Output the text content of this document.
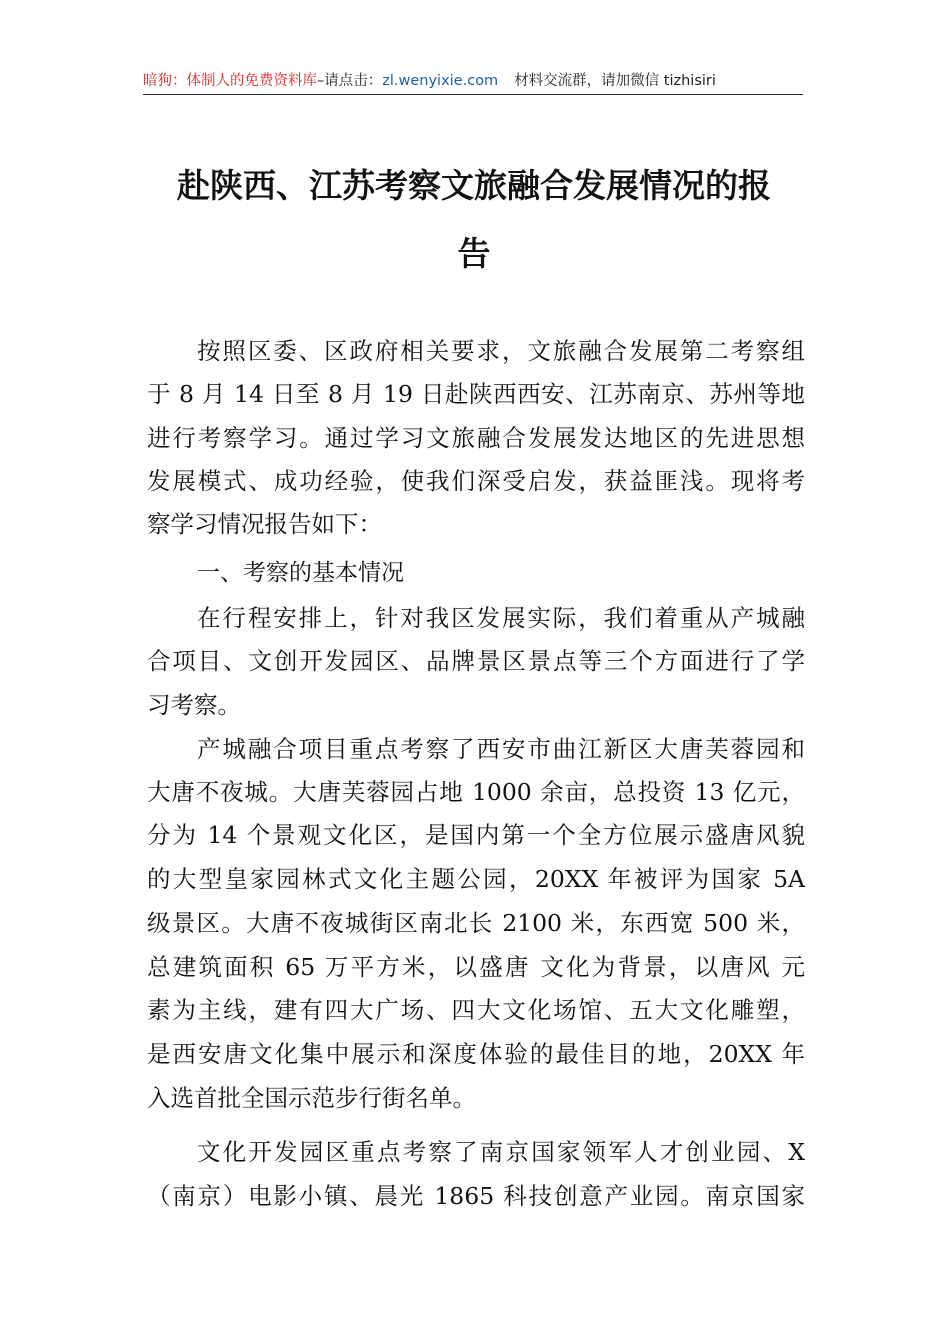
暗狗：体制人的免费资料库–请点击：zl.wenyixie.com 材料交流群，请加微信 tizhisiri
赴陕西、江苏考察文旅融合发展情况的报
告
按照区委、区政府相关要求，文旅融合发展第二考察组
于 8 月 14 日至 8 月 19 日赴陕西西安、江苏南京、苏州等地
进行考察学习。通过学习文旅融合发展发达地区的先进思想
发展模式、成功经验，使我们深受启发，获益匪浅。现将考
察学习情况报告如下：
一、考察的基本情况
在行程安排上，针对我区发展实际，我们着重从产城融
合项目、文创开发园区、品牌景区景点等三个方面进行了学
习考察。
产城融合项目重点考察了西安市曲江新区大唐芙蓉园和
大唐不夜城。大唐芙蓉园占地 1000 余亩，总投资 13 亿元，
分为 14 个景观文化区，是国内第一个全方位展示盛唐风貌
的大型皇家园林式文化主题公园，20XX 年被评为国家 5A
级景区。大唐不夜城街区南北长 2100 米，东西宽 500 米，
总建筑面积 65 万平方米，以盛唐 文化为背景，以唐风 元
素为主线，建有四大广场、四大文化场馆、五大文化雕塑，
是西安唐文化集中展示和深度体验的最佳目的地，20XX 年
入选首批全国示范步行街名单。
文化开发园区重点考察了南京国家领军人才创业园、X
（南京）电影小镇、晨光 1865 科技创意产业园。南京国家
